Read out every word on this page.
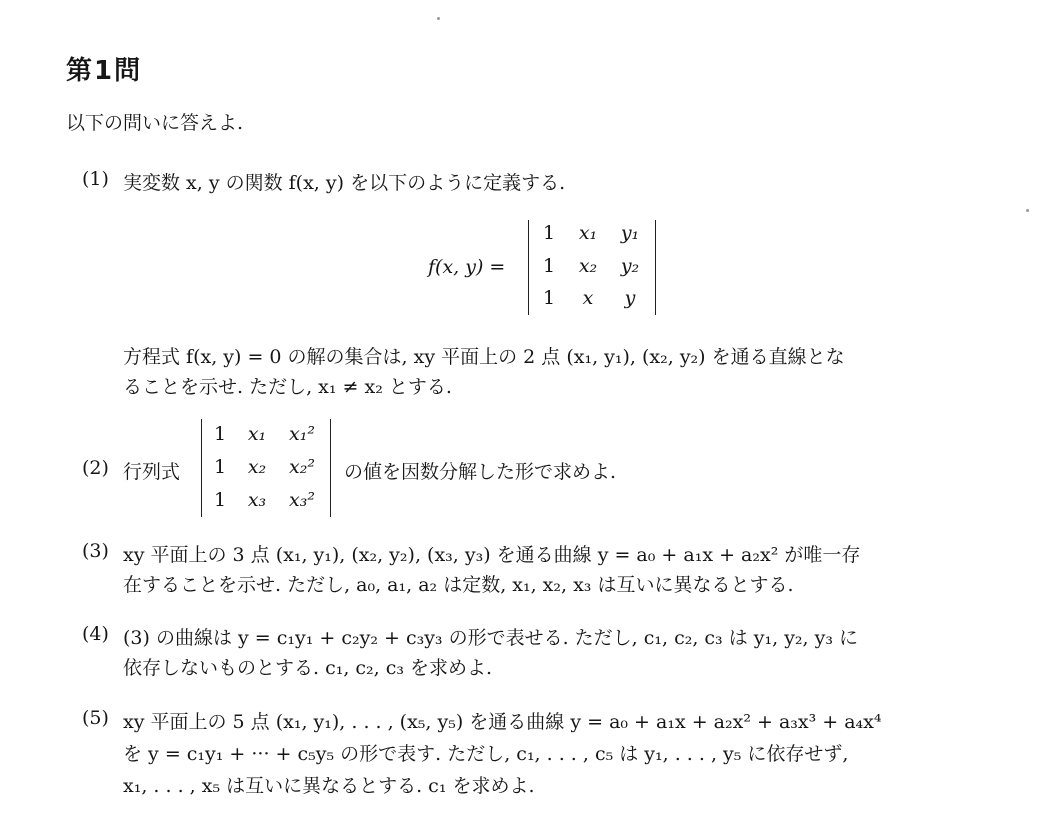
第1問
以下の問いに答えよ.
(1) 実変数 x, y の関数 f(x, y) を以下のように定義する.
f(x, y) =
1	x₁	y₁
1	x₂	y₂
1	x	y
方程式 f(x, y) = 0 の解の集合は, xy 平面上の 2 点 (x₁, y₁), (x₂, y₂) を通る直線とな
ることを示せ. ただし, x₁ ≠ x₂ とする.
(2) 行列式
1	x₁	x₁²
1	x₂	x₂²
1	x₃	x₃²
の値を因数分解した形で求めよ.
(3) xy 平面上の 3 点 (x₁, y₁), (x₂, y₂), (x₃, y₃) を通る曲線 y = a₀ + a₁x + a₂x² が唯一存
在することを示せ. ただし, a₀, a₁, a₂ は定数, x₁, x₂, x₃ は互いに異なるとする.
(4) (3) の曲線は y = c₁y₁ + c₂y₂ + c₃y₃ の形で表せる. ただし, c₁, c₂, c₃ は y₁, y₂, y₃ に
依存しないものとする. c₁, c₂, c₃ を求めよ.
(5) xy 平面上の 5 点 (x₁, y₁), . . . , (x₅, y₅) を通る曲線 y = a₀ + a₁x + a₂x² + a₃x³ + a₄x⁴
を y = c₁y₁ + ··· + c₅y₅ の形で表す. ただし, c₁, . . . , c₅ は y₁, . . . , y₅ に依存せず,
x₁, . . . , x₅ は互いに異なるとする. c₁ を求めよ.
